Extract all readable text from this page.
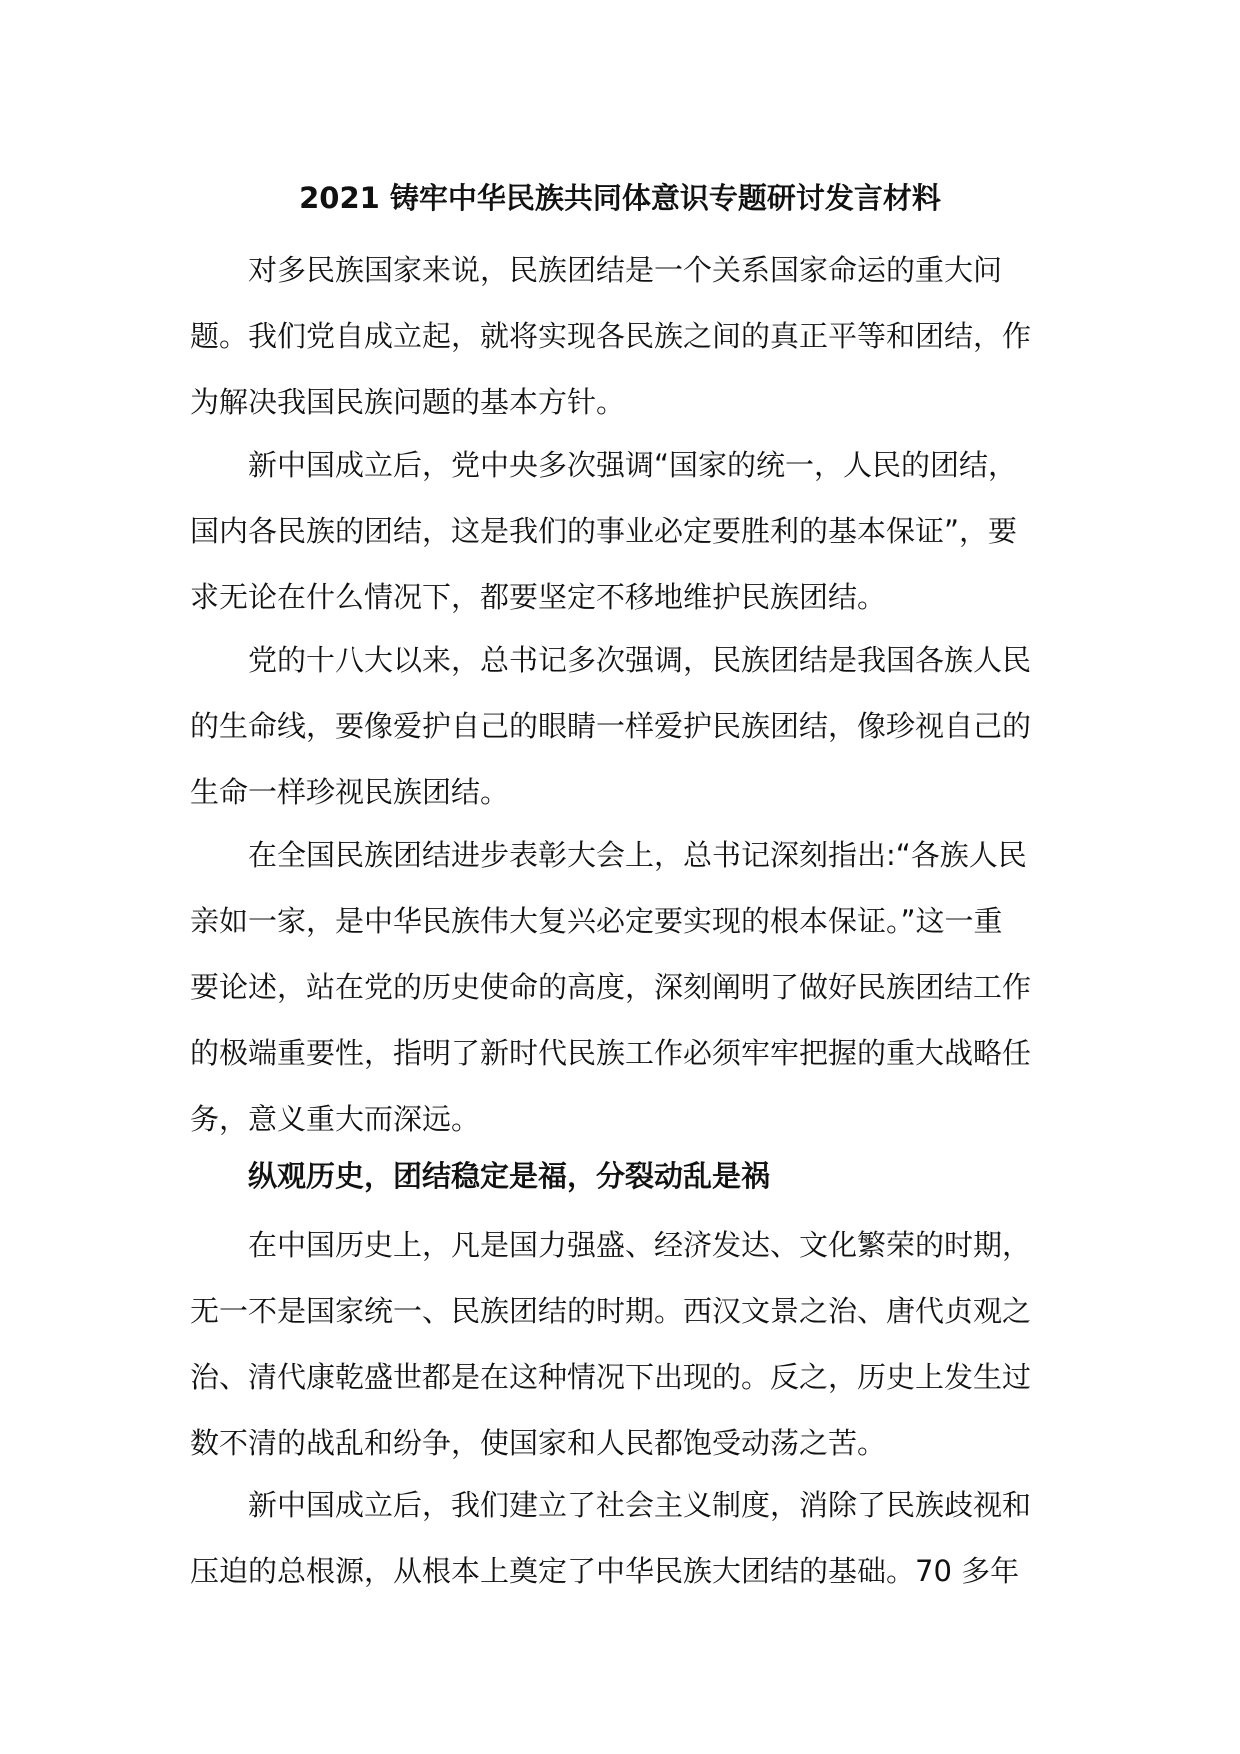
2021 铸牢中华民族共同体意识专题研讨发言材料

对多民族国家来说，民族团结是一个关系国家命运的重大问
题。我们党自成立起，就将实现各民族之间的真正平等和团结，作
为解决我国民族问题的基本方针。

新中国成立后，党中央多次强调“国家的统一，人民的团结，
国内各民族的团结，这是我们的事业必定要胜利的基本保证”，要
求无论在什么情况下，都要坚定不移地维护民族团结。

党的十八大以来，总书记多次强调，民族团结是我国各族人民
的生命线，要像爱护自己的眼睛一样爱护民族团结，像珍视自己的
生命一样珍视民族团结。

在全国民族团结进步表彰大会上，总书记深刻指出:“各族人民
亲如一家，是中华民族伟大复兴必定要实现的根本保证。”这一重
要论述，站在党的历史使命的高度，深刻阐明了做好民族团结工作
的极端重要性，指明了新时代民族工作必须牢牢把握的重大战略任
务，意义重大而深远。

纵观历史，团结稳定是福，分裂动乱是祸

在中国历史上，凡是国力强盛、经济发达、文化繁荣的时期，
无一不是国家统一、民族团结的时期。西汉文景之治、唐代贞观之
治、清代康乾盛世都是在这种情况下出现的。反之，历史上发生过
数不清的战乱和纷争，使国家和人民都饱受动荡之苦。

新中国成立后，我们建立了社会主义制度，消除了民族歧视和
压迫的总根源，从根本上奠定了中华民族大团结的基础。70 多年
